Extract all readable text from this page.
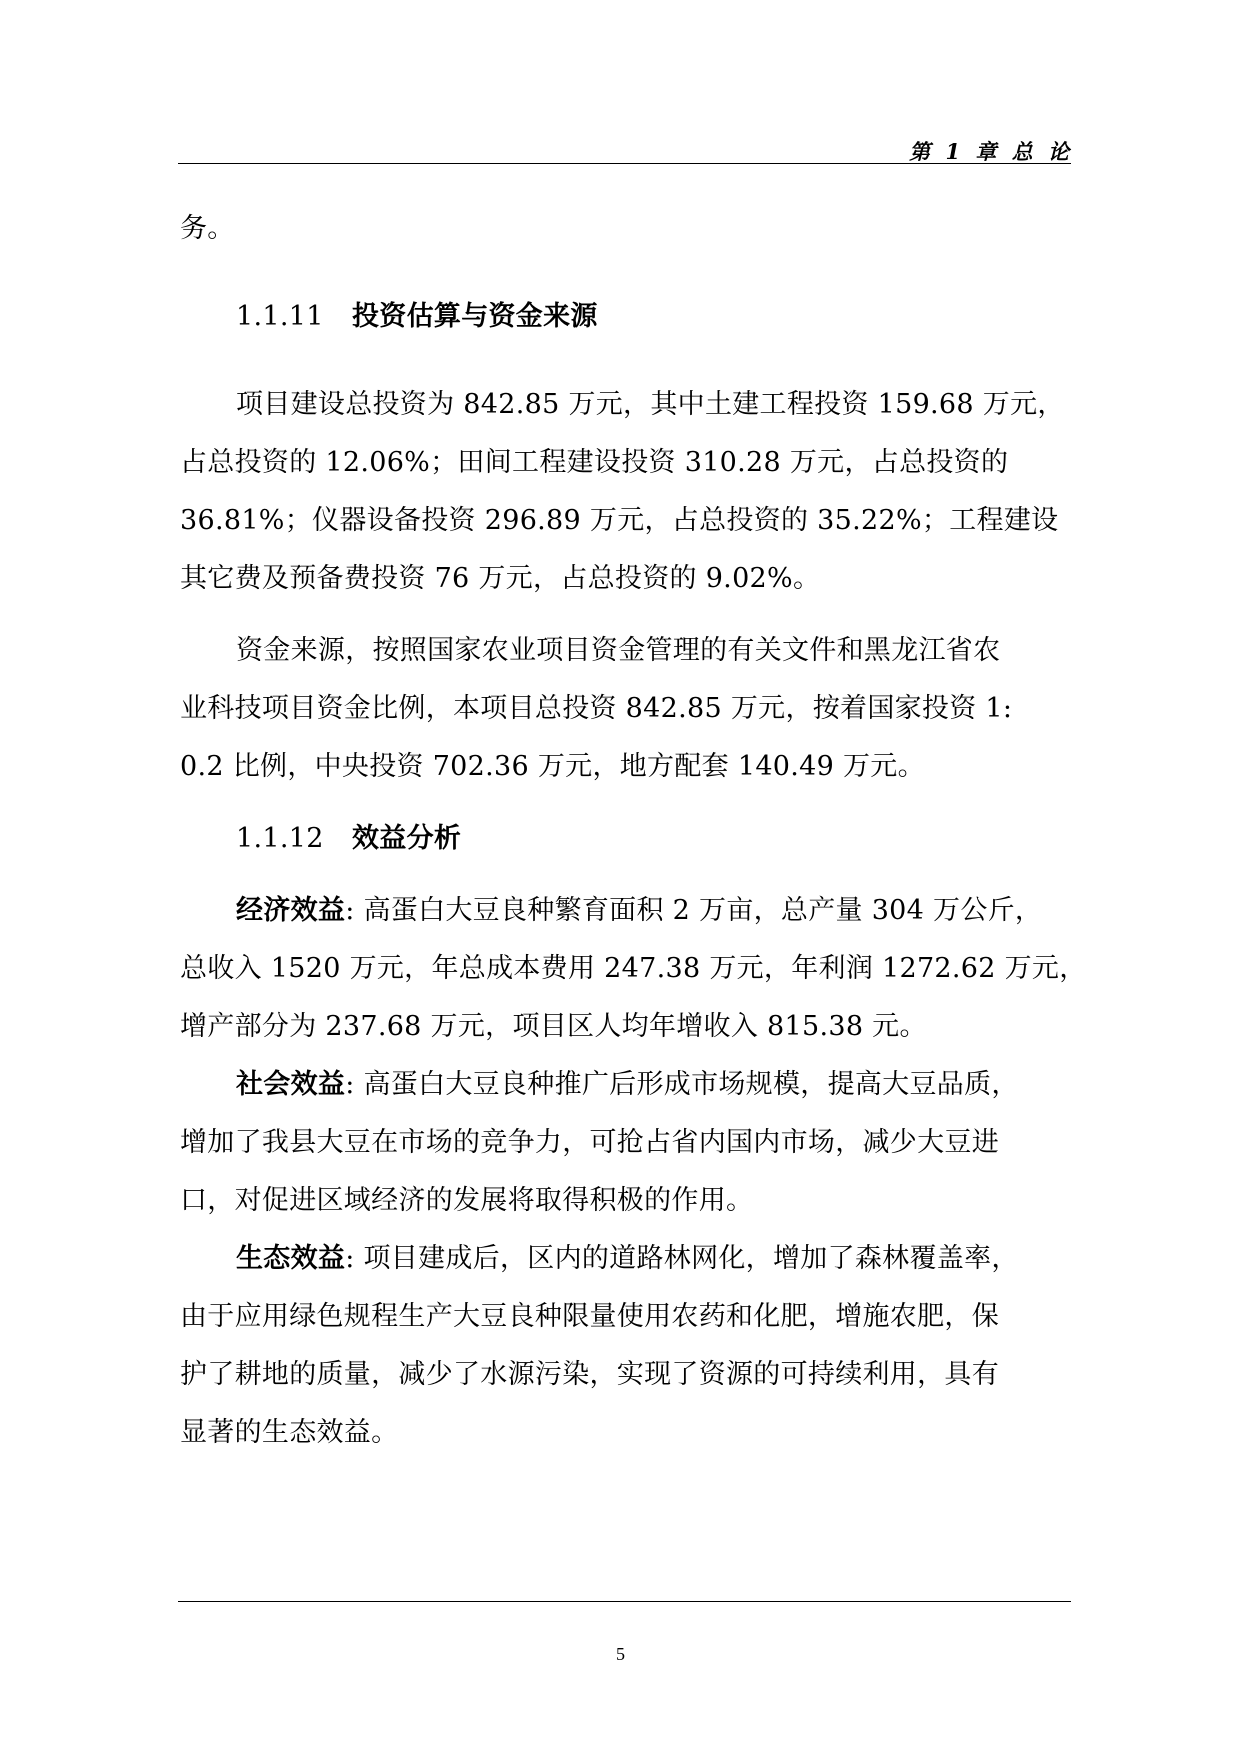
第 1 章 总 论
务。
1.1.11 投资估算与资金来源
项目建设总投资为 842.85 万元，其中土建工程投资 159.68 万元，
占总投资的 12.06%；田间工程建设投资 310.28 万元，占总投资的
36.81%；仪器设备投资 296.89 万元，占总投资的 35.22%；工程建设
其它费及预备费投资 76 万元，占总投资的 9.02%。
资金来源，按照国家农业项目资金管理的有关文件和黑龙江省农
业科技项目资金比例，本项目总投资 842.85 万元，按着国家投资 1:
0.2 比例，中央投资 702.36 万元，地方配套 140.49 万元。
1.1.12 效益分析
经济效益: 高蛋白大豆良种繁育面积 2 万亩，总产量 304 万公斤，
总收入 1520 万元，年总成本费用 247.38 万元，年利润 1272.62 万元，
增产部分为 237.68 万元，项目区人均年增收入 815.38 元。
社会效益: 高蛋白大豆良种推广后形成市场规模，提高大豆品质，
增加了我县大豆在市场的竞争力，可抢占省内国内市场，减少大豆进
口，对促进区域经济的发展将取得积极的作用。
生态效益: 项目建成后，区内的道路林网化，增加了森林覆盖率，
由于应用绿色规程生产大豆良种限量使用农药和化肥，增施农肥，保
护了耕地的质量，减少了水源污染，实现了资源的可持续利用，具有
显著的生态效益。
5
